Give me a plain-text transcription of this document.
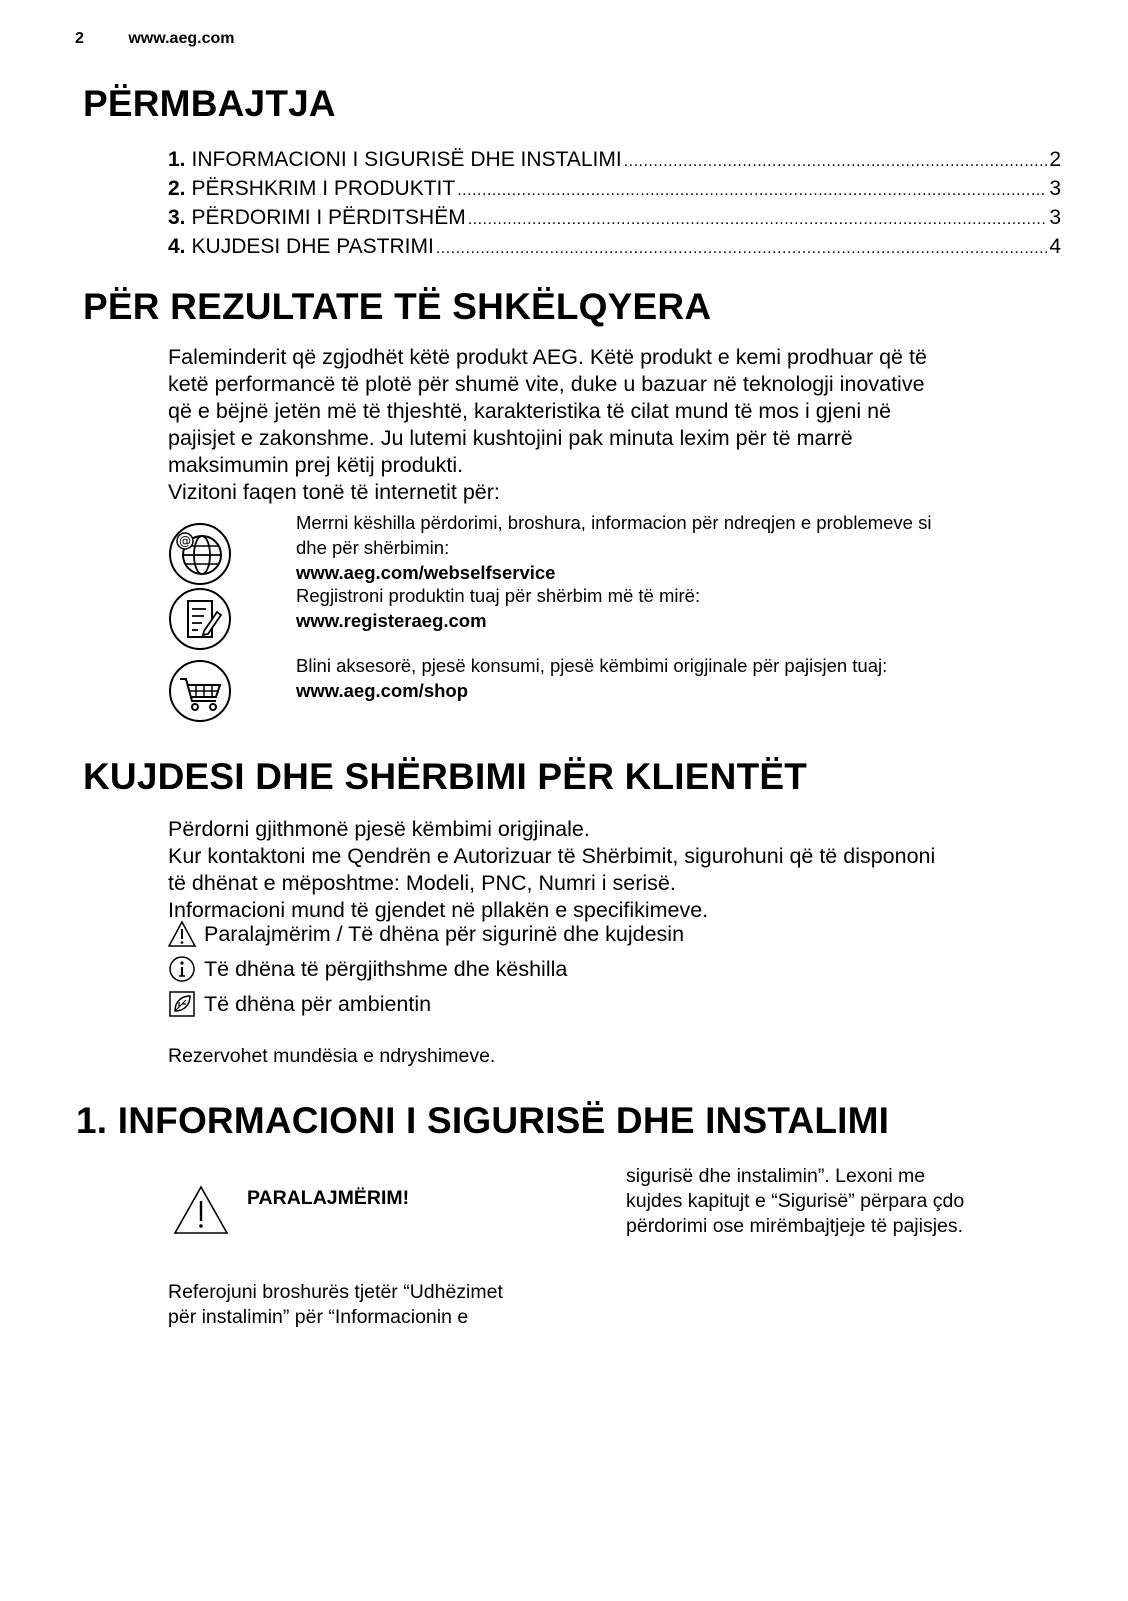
2	www.aeg.com
PËRMBAJTJA
1. INFORMACIONI I SIGURISË DHE INSTALIMI .....	2
2. PËRSHKRIM I PRODUKTIT .....	3
3. PËRDORIMI I PËRDITSHËM .....	3
4. KUJDESI DHE PASTRIMI .....	4
PËR REZULTATE TË SHKËLQYERA
Faleminderit që zgjodhët këtë produkt AEG. Këtë produkt e kemi prodhuar që të
ketë performancë të plotë për shumë vite, duke u bazuar në teknologji inovative
që e bëjnë jetën më të thjeshtë, karakteristika të cilat mund të mos i gjeni në
pajisjet e zakonshme. Ju lutemi kushtojini pak minuta lexim për të marrë
maksimumin prej këtij produkti.
Vizitoni faqen tonë të internetit për:
@
Merrni këshilla përdorimi, broshura, informacion për ndreqjen e problemeve si
dhe për shërbimin:
www.aeg.com/webselfservice
Regjistroni produktin tuaj për shërbim më të mirë:
www.registeraeg.com
Blini aksesorë, pjesë konsumi, pjesë këmbimi origjinale për pajisjen tuaj:
www.aeg.com/shop
KUJDESI DHE SHËRBIMI PËR KLIENTËT
Përdorni gjithmonë pjesë këmbimi origjinale.
Kur kontaktoni me Qendrën e Autorizuar të Shërbimit, sigurohuni që të dispononi
të dhënat e mëposhtme: Modeli, PNC, Numri i serisë.
Informacioni mund të gjendet në pllakën e specifikimeve.
Paralajmërim / Të dhëna për sigurinë dhe kujdesin
Të dhëna të përgjithshme dhe këshilla
Të dhëna për ambientin
Rezervohet mundësia e ndryshimeve.
1. INFORMACIONI I SIGURISË DHE INSTALIMI
PARALAJMËRIM!
Referojuni broshurës tjetër “Udhëzimet
për instalimin” për “Informacionin e
sigurisë dhe instalimin”. Lexoni me
kujdes kapitujt e “Sigurisë” përpara çdo
përdorimi ose mirëmbajtjeje të pajisjes.
